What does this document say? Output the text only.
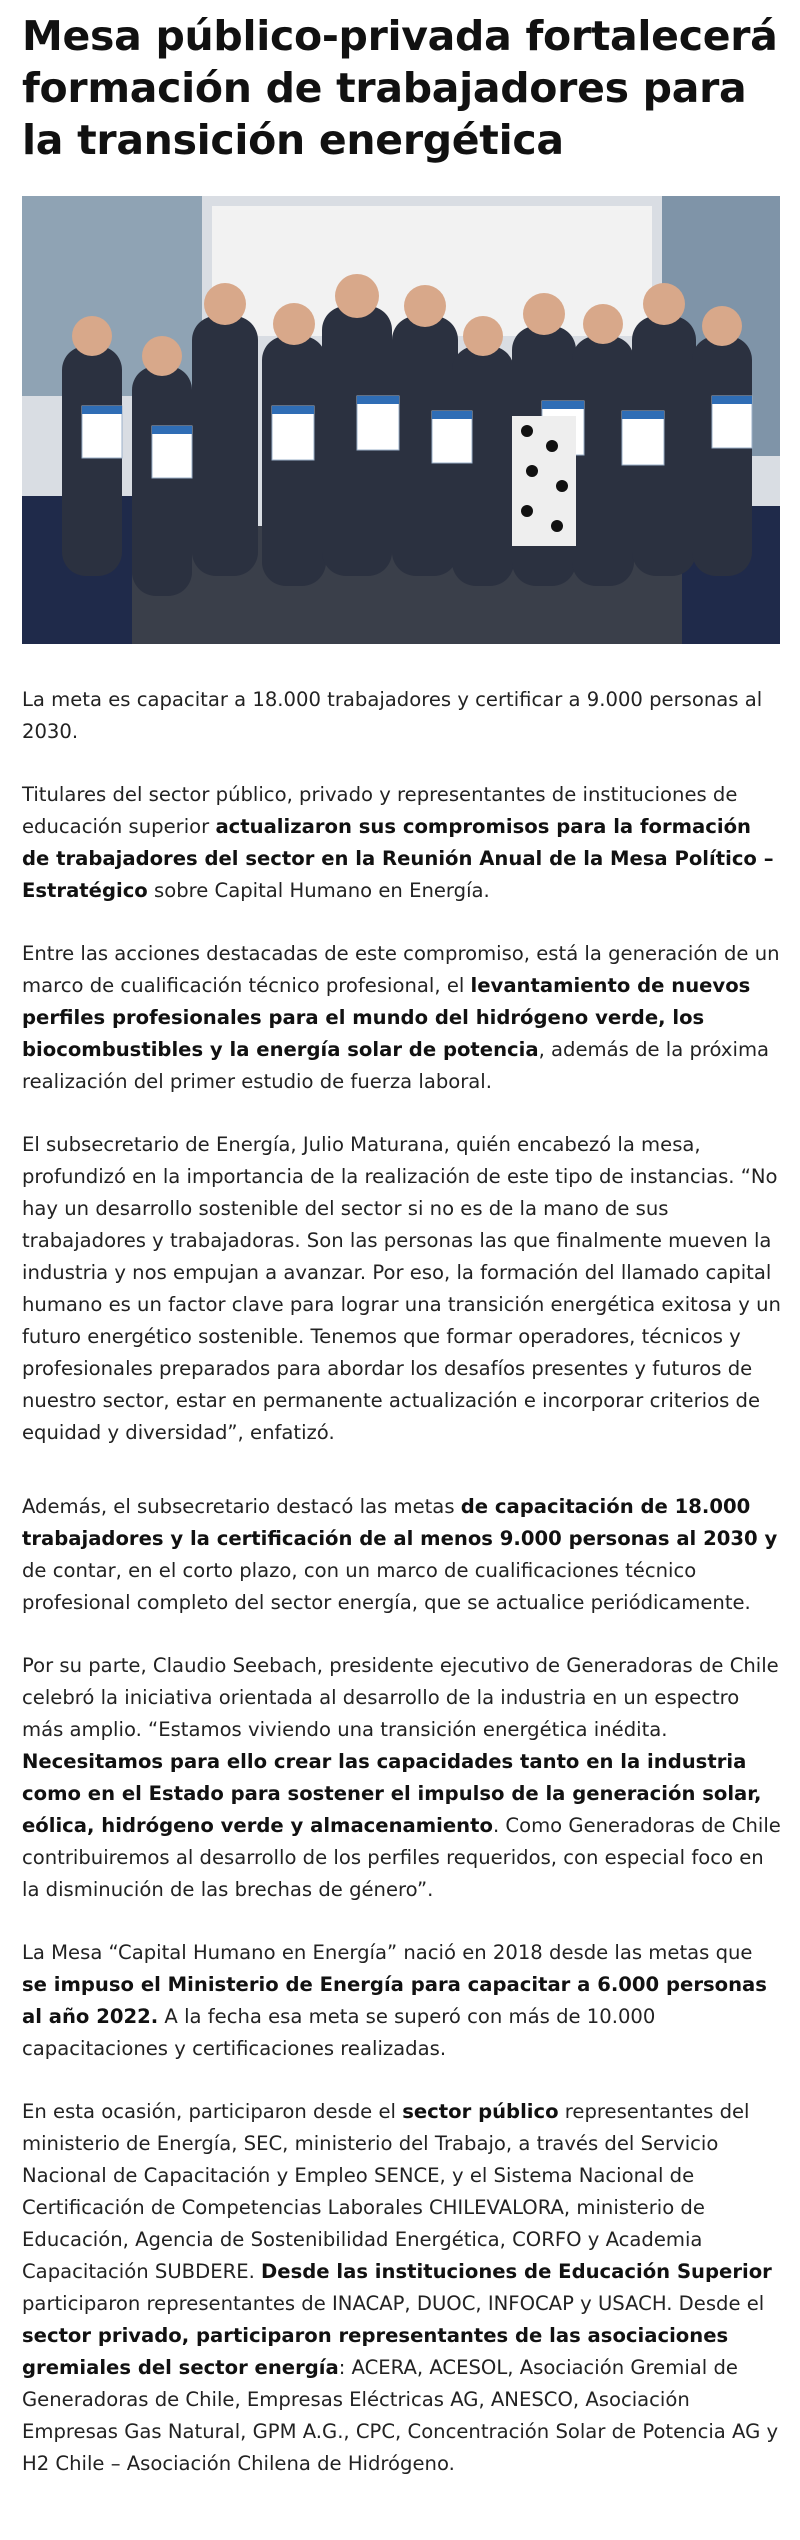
Mesa público-privada fortalecerá formación de trabajadores para la transición energética

La meta es capacitar a 18.000 trabajadores y certificar a 9.000 personas al 2030.

Titulares del sector público, privado y representantes de instituciones de educación superior actualizaron sus compromisos para la formación de trabajadores del sector en la Reunión Anual de la Mesa Político – Estratégico sobre Capital Humano en Energía.

Entre las acciones destacadas de este compromiso, está la generación de un marco de cualificación técnico profesional, el levantamiento de nuevos perfiles profesionales para el mundo del hidrógeno verde, los biocombustibles y la energía solar de potencia, además de la próxima realización del primer estudio de fuerza laboral.

El subsecretario de Energía, Julio Maturana, quién encabezó la mesa, profundizó en la importancia de la realización de este tipo de instancias. “No hay un desarrollo sostenible del sector si no es de la mano de sus trabajadores y trabajadoras. Son las personas las que finalmente mueven la industria y nos empujan a avanzar. Por eso, la formación del llamado capital humano es un factor clave para lograr una transición energética exitosa y un futuro energético sostenible. Tenemos que formar operadores, técnicos y profesionales preparados para abordar los desafíos presentes y futuros de nuestro sector, estar en permanente actualización e incorporar criterios de equidad y diversidad”, enfatizó.

Además, el subsecretario destacó las metas de capacitación de 18.000 trabajadores y la certificación de al menos 9.000 personas al 2030 y de contar, en el corto plazo, con un marco de cualificaciones técnico profesional completo del sector energía, que se actualice periódicamente.

Por su parte, Claudio Seebach, presidente ejecutivo de Generadoras de Chile celebró la iniciativa orientada al desarrollo de la industria en un espectro más amplio. “Estamos viviendo una transición energética inédita. Necesitamos para ello crear las capacidades tanto en la industria como en el Estado para sostener el impulso de la generación solar, eólica, hidrógeno verde y almacenamiento. Como Generadoras de Chile contribuiremos al desarrollo de los perfiles requeridos, con especial foco en la disminución de las brechas de género”.

La Mesa “Capital Humano en Energía” nació en 2018 desde las metas que se impuso el Ministerio de Energía para capacitar a 6.000 personas al año 2022. A la fecha esa meta se superó con más de 10.000 capacitaciones y certificaciones realizadas.

En esta ocasión, participaron desde el sector público representantes del ministerio de Energía, SEC, ministerio del Trabajo, a través del Servicio Nacional de Capacitación y Empleo SENCE, y el Sistema Nacional de Certificación de Competencias Laborales CHILEVALORA, ministerio de Educación, Agencia de Sostenibilidad Energética, CORFO y Academia Capacitación SUBDERE. Desde las instituciones de Educación Superior participaron representantes de INACAP, DUOC, INFOCAP y USACH. Desde el sector privado, participaron representantes de las asociaciones gremiales del sector energía: ACERA, ACESOL, Asociación Gremial de Generadoras de Chile, Empresas Eléctricas AG, ANESCO, Asociación Empresas Gas Natural, GPM A.G., CPC, Concentración Solar de Potencia AG y H2 Chile – Asociación Chilena de Hidrógeno.
